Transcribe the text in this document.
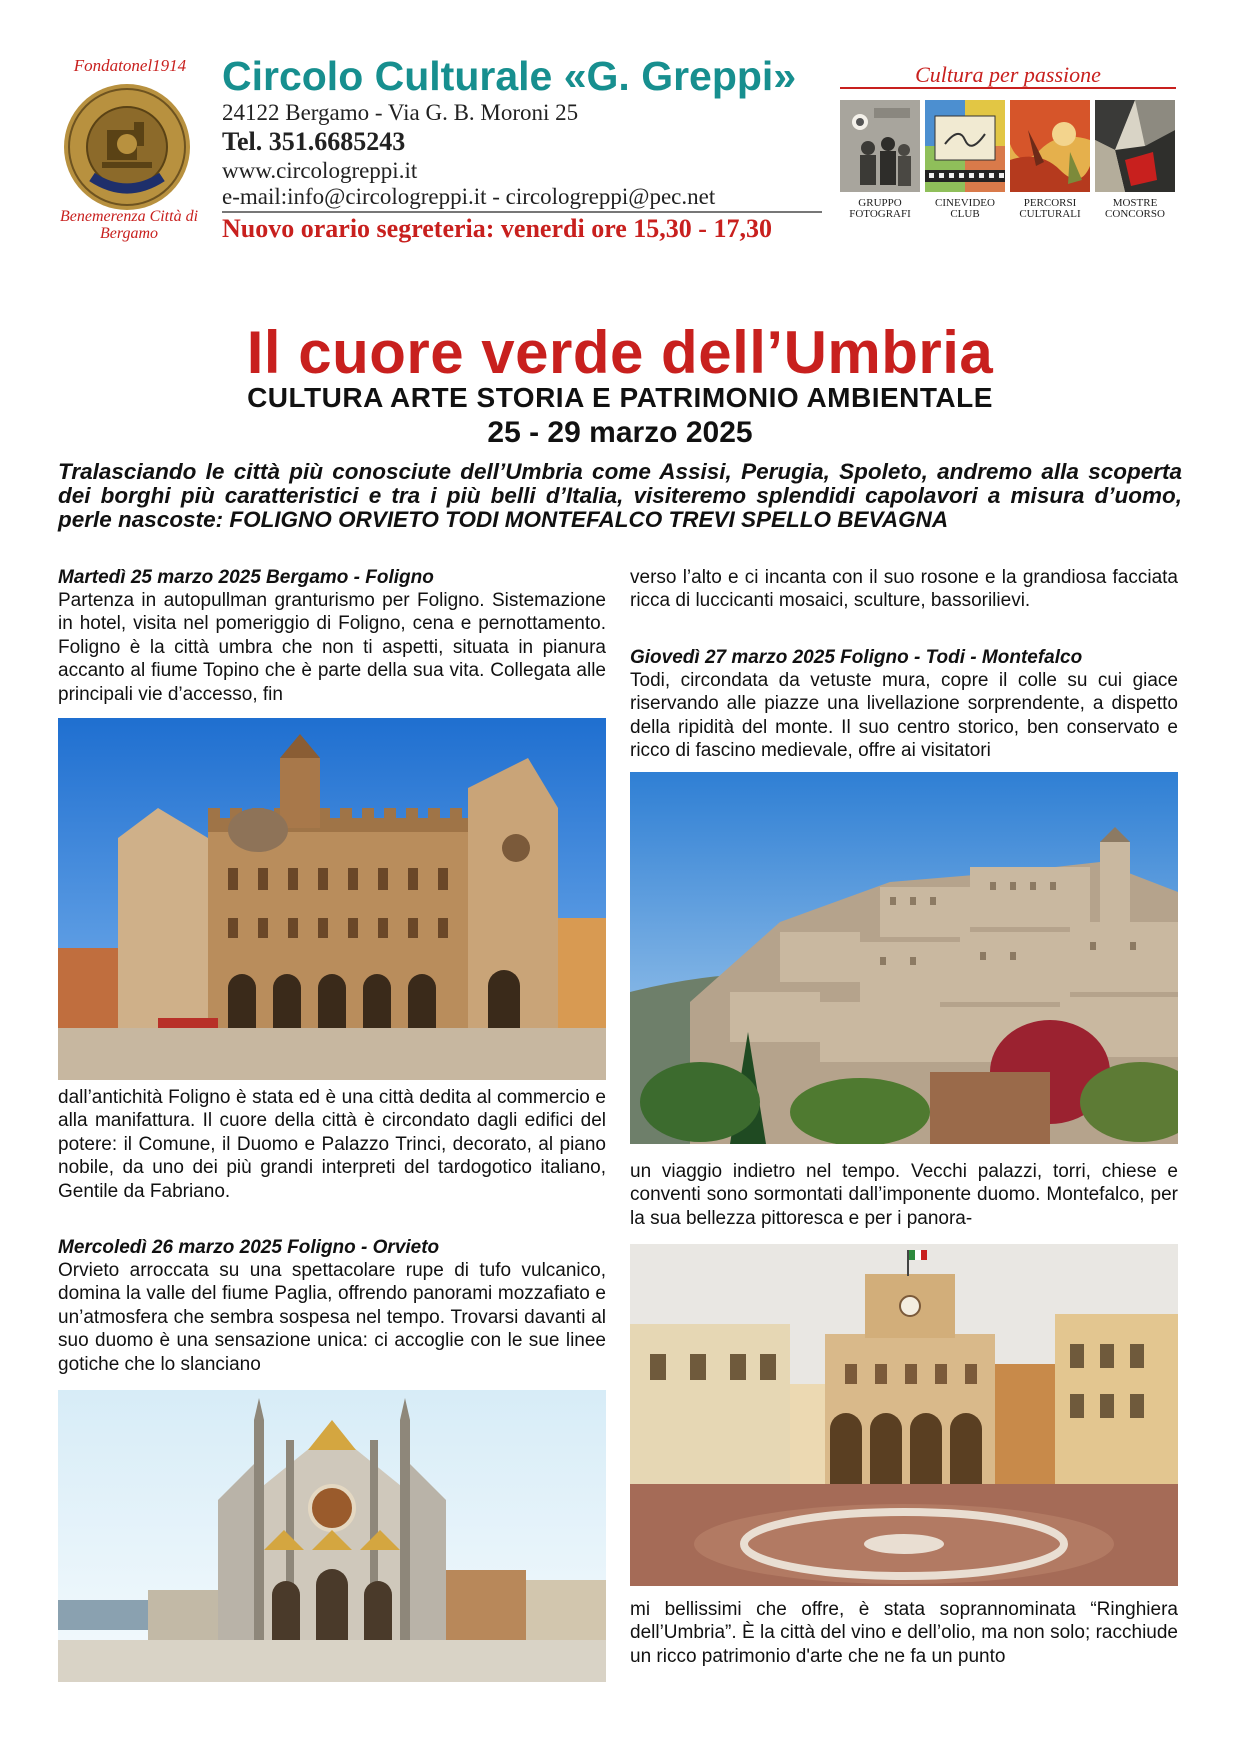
Fondatonel1914
Benemerenza Città di Bergamo
Circolo Culturale «G. Greppi»
24122 Bergamo - Via G. B. Moroni 25
Tel. 351.6685243
www.circologreppi.it
e-mail:info@circologreppi.it - circologreppi@pec.net
Nuovo orario segreteria: venerdi ore 15,30 - 17,30
Cultura per passione
GRUPPO FOTOGRAFI
CINEVIDEO CLUB
PERCORSI CULTURALI
MOSTRE CONCORSO
Il cuore verde dell’Umbria
CULTURA ARTE STORIA E PATRIMONIO AMBIENTALE
25 - 29 marzo 2025
Tralasciando le città più conosciute dell’Umbria come Assisi, Perugia, Spoleto, andremo alla scoperta dei borghi più caratteristici e tra i più belli d’Italia, visiteremo splendidi capolavori a misura d’uomo, perle nascoste: FOLIGNO ORVIETO TODI MONTEFALCO TREVI SPELLO BEVAGNA
Martedì 25 marzo 2025 Bergamo - Foligno
Partenza in autopullman granturismo per Foligno. Sistemazione in hotel, visita nel pomeriggio di Foligno, cena e pernottamento. Foligno è la città umbra che non ti aspetti, situata in pianura accanto al fiume Topino che è parte della sua vita. Collegata alle principali vie d’accesso, fin
dall’antichità Foligno è stata ed è una città dedita al commercio e alla manifattura. Il cuore della città è circondato dagli edifici del potere: il Comune, il Duomo e Palazzo Trinci, decorato, al piano nobile, da uno dei più grandi interpreti del tardogotico italiano, Gentile da Fabriano.
Mercoledì 26 marzo 2025 Foligno - Orvieto
Orvieto arroccata su una spettacolare rupe di tufo vulcanico, domina la valle del fiume Paglia, offrendo panorami mozzafiato e un’atmosfera che sembra sospesa nel tempo. Trovarsi davanti al suo duomo è una sensazione unica: ci accoglie con le sue linee gotiche che lo slanciano
verso l’alto e ci incanta con il suo rosone e la grandiosa facciata ricca di luccicanti mosaici, sculture, bassorilievi.
Giovedì 27 marzo 2025 Foligno - Todi - Montefalco
Todi, circondata da vetuste mura, copre il colle su cui giace riservando alle piazze una livellazione sorprendente, a dispetto della ripidità del monte. Il suo centro storico, ben conservato e ricco di fascino medievale, offre ai visitatori
un viaggio indietro nel tempo. Vecchi palazzi, torri, chiese e conventi sono sormontati dall’imponente duomo. Montefalco, per la sua bellezza pittoresca e per i panora-
mi bellissimi che offre, è stata soprannominata “Ringhiera dell’Umbria”. È la città del vino e dell’olio, ma non solo; racchiude un ricco patrimonio d'arte che ne fa un punto
